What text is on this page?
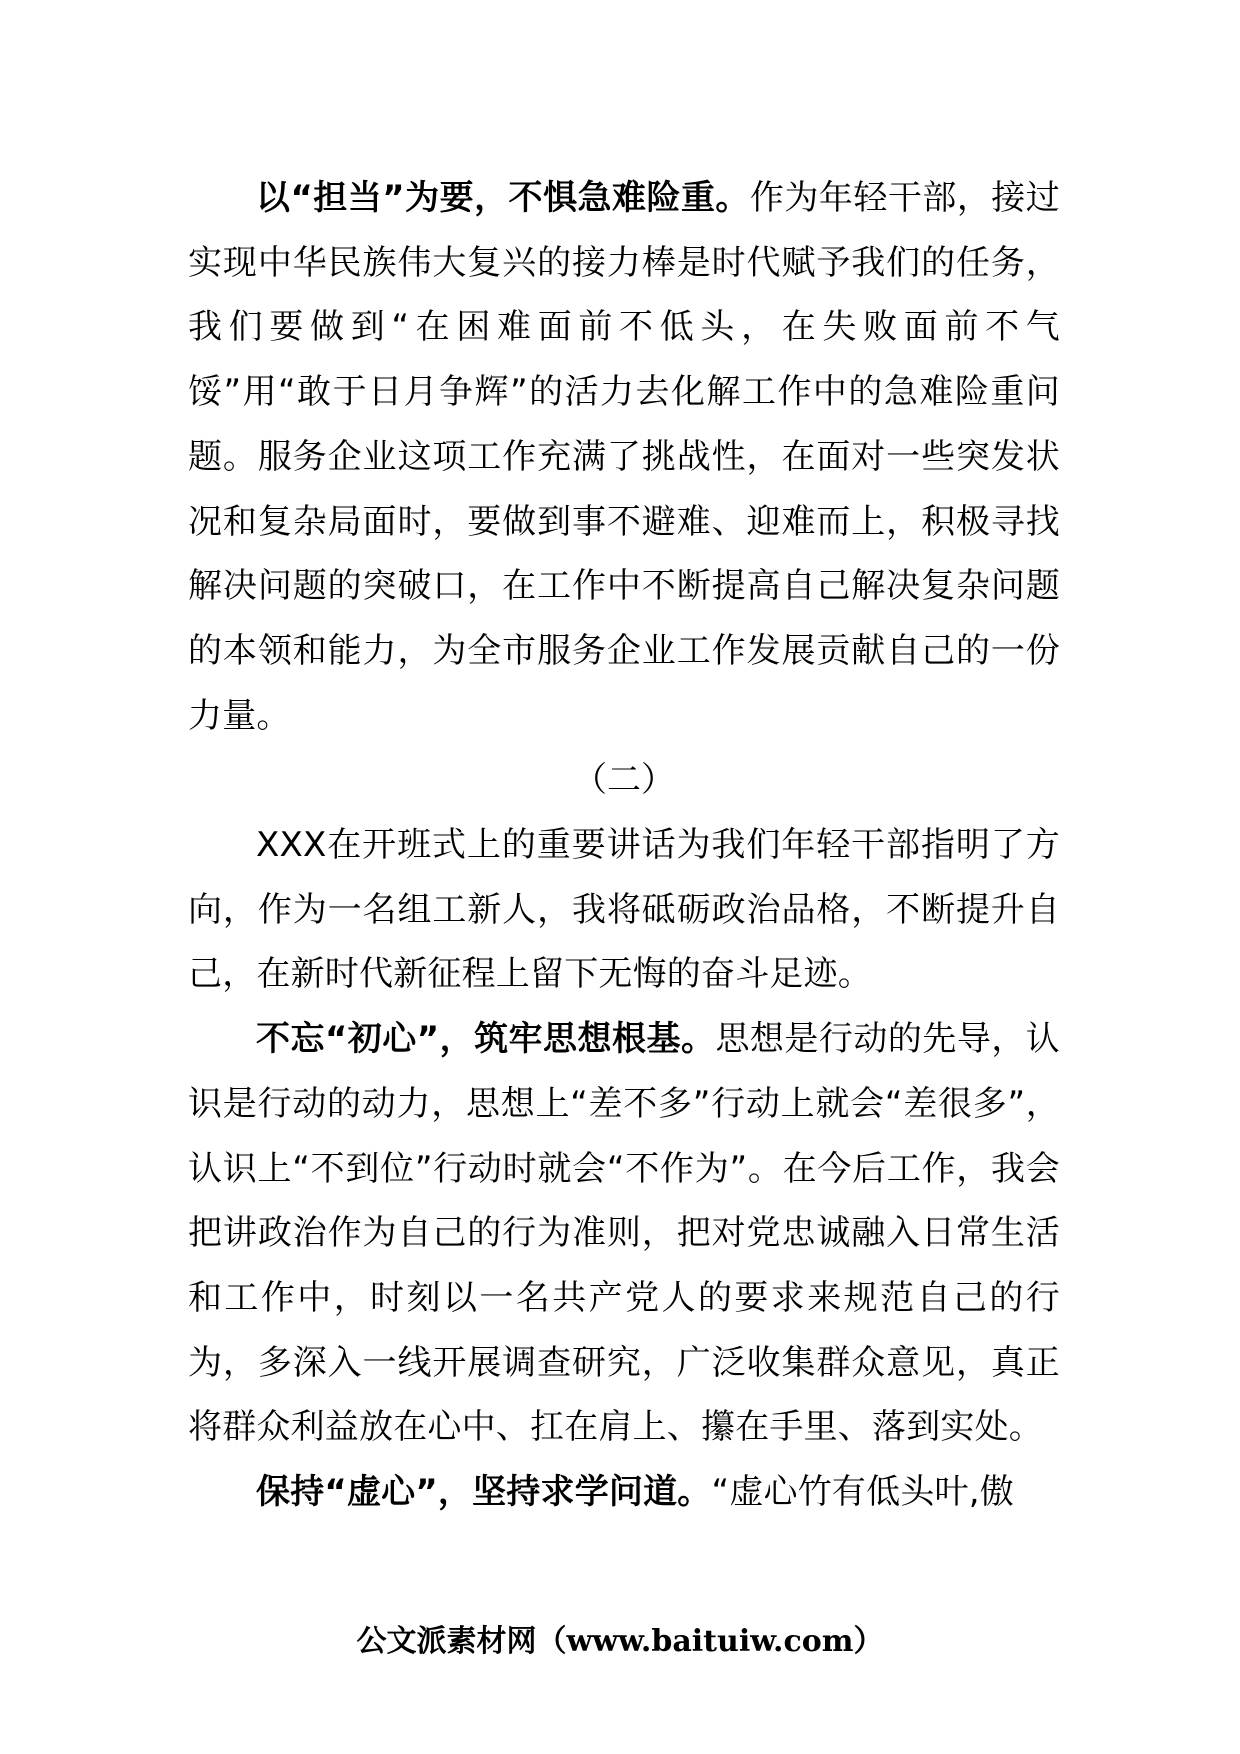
以“担当”为要，不惧急难险重。作为年轻干部，接过实现中华民族伟大复兴的接力棒是时代赋予我们的任务，我们要做到“在困难面前不低头，在失败面前不气馁”用“敢于日月争辉”的活力去化解工作中的急难险重问题。服务企业这项工作充满了挑战性，在面对一些突发状况和复杂局面时，要做到事不避难、迎难而上，积极寻找解决问题的突破口，在工作中不断提高自己解决复杂问题的本领和能力，为全市服务企业工作发展贡献自己的一份力量。

（二）

XXX在开班式上的重要讲话为我们年轻干部指明了方向，作为一名组工新人，我将砥砺政治品格，不断提升自己，在新时代新征程上留下无悔的奋斗足迹。

不忘“初心”，筑牢思想根基。思想是行动的先导，认识是行动的动力，思想上“差不多”行动上就会“差很多”，认识上“不到位”行动时就会“不作为”。在今后工作，我会把讲政治作为自己的行为准则，把对党忠诚融入日常生活和工作中，时刻以一名共产党人的要求来规范自己的行为，多深入一线开展调查研究，广泛收集群众意见，真正将群众利益放在心中、扛在肩上、攥在手里、落到实处。

保持“虚心”，坚持求学问道。“虚心竹有低头叶,傲

公文派素材网（www.baituiw.com）
